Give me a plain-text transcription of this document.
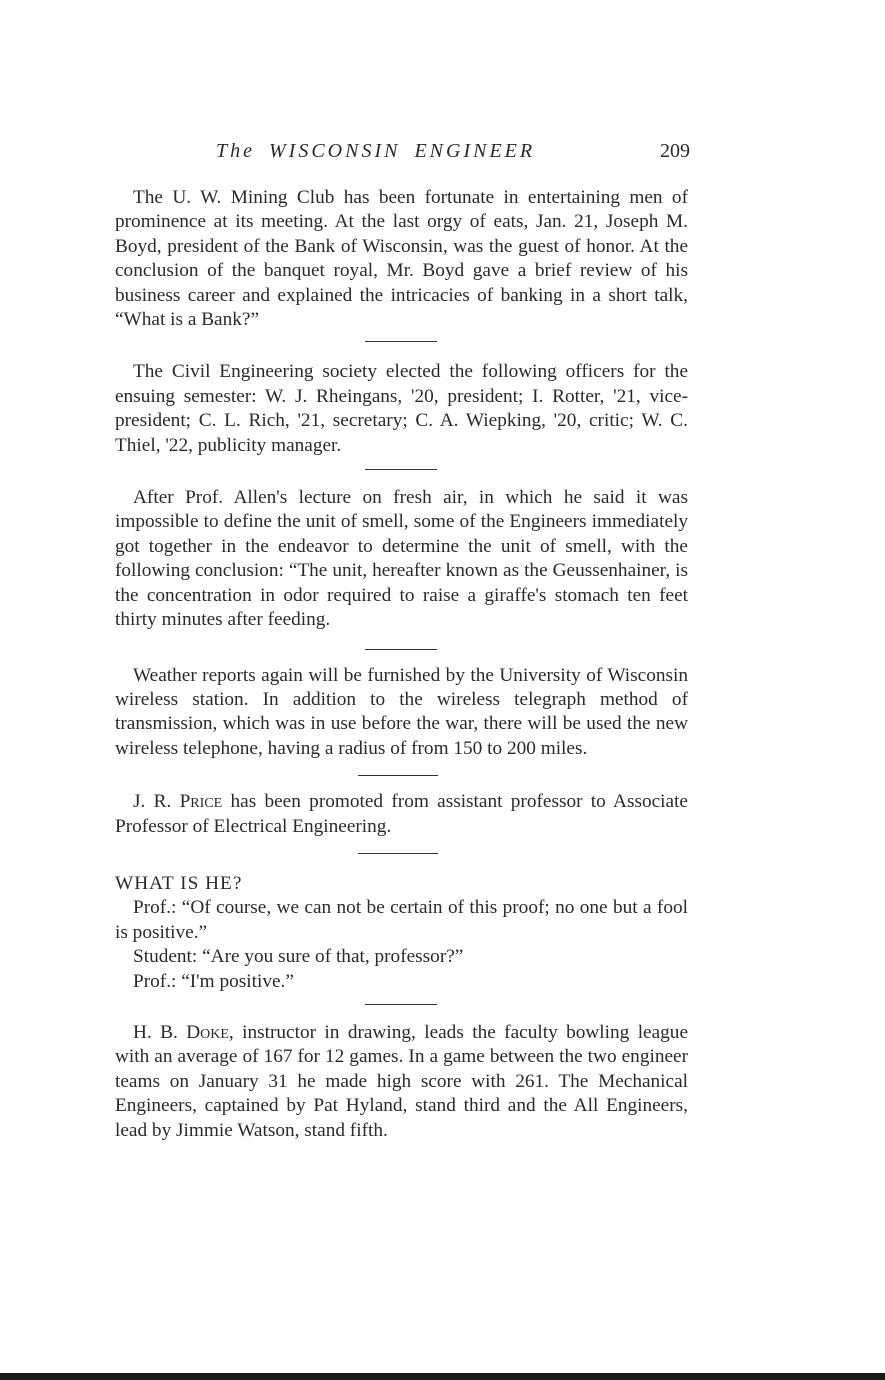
The WISCONSIN ENGINEER	209

The U. W. Mining Club has been fortunate in entertaining men of prominence at its meeting. At the last orgy of eats, Jan. 21, Joseph M. Boyd, president of the Bank of Wisconsin, was the guest of honor. At the conclusion of the banquet royal, Mr. Boyd gave a brief review of his business career and explained the intricacies of banking in a short talk, “What is a Bank?”

The Civil Engineering society elected the following officers for the ensuing semester: W. J. Rheingans, '20, president; I. Rotter, '21, vice-president; C. L. Rich, '21, secretary; C. A. Wiepking, '20, critic; W. C. Thiel, '22, publicity manager.

After Prof. Allen's lecture on fresh air, in which he said it was impossible to define the unit of smell, some of the Engineers immediately got together in the endeavor to determine the unit of smell, with the following conclusion: “The unit, hereafter known as the Geussenhainer, is the concentration in odor required to raise a giraffe's stomach ten feet thirty minutes after feeding.

Weather reports again will be furnished by the University of Wisconsin wireless station. In addition to the wireless telegraph method of transmission, which was in use before the war, there will be used the new wireless telephone, having a radius of from 150 to 200 miles.

J. R. Price has been promoted from assistant professor to Associate Professor of Electrical Engineering.

WHAT IS HE?

Prof.: “Of course, we can not be certain of this proof; no one but a fool is positive.”

Student: “Are you sure of that, professor?”

Prof.: “I'm positive.”

H. B. Doke, instructor in drawing, leads the faculty bowling league with an average of 167 for 12 games. In a game between the two engineer teams on January 31 he made high score with 261. The Mechanical Engineers, captained by Pat Hyland, stand third and the All Engineers, lead by Jimmie Watson, stand fifth.
